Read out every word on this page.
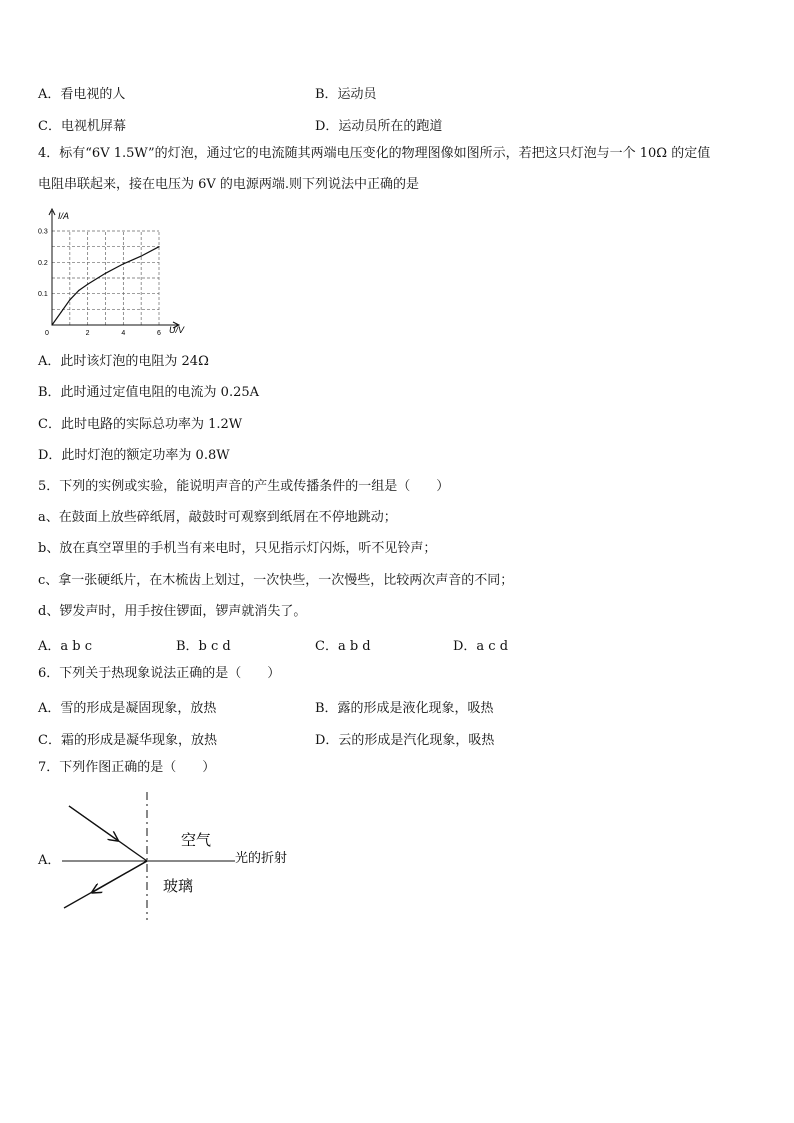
A．看电视的人	B．运动员
C．电视机屏幕	D．运动员所在的跑道
4．标有“6V 1.5W”的灯泡，通过它的电流随其两端电压变化的物理图像如图所示，若把这只灯泡与一个 10Ω 的定值
电阻串联起来，接在电压为 6V 的电源两端.则下列说法中正确的是
0	2	4	6
0.1
0.2
0.3
I/A
U/V
A．此时该灯泡的电阻为 24Ω
B．此时通过定值电阻的电流为 0.25A
C．此时电路的实际总功率为 1.2W
D．此时灯泡的额定功率为 0.8W
5．下列的实例或实验，能说明声音的产生或传播条件的一组是（　　）
a、在鼓面上放些碎纸屑，敲鼓时可观察到纸屑在不停地跳动；
b、放在真空罩里的手机当有来电时，只见指示灯闪烁，听不见铃声；
c、拿一张硬纸片，在木梳齿上划过，一次快些，一次慢些，比较两次声音的不同；
d、锣发声时，用手按住锣面，锣声就消失了。
A．a b c	B．b c d	C．a b d	D．a c d
6．下列关于热现象说法正确的是（　　）
A．雪的形成是凝固现象，放热	B．露的形成是液化现象，吸热
C．霜的形成是凝华现象，放热	D．云的形成是汽化现象，吸热
7．下列作图正确的是（　　）
A．
空气
玻璃
光的折射
